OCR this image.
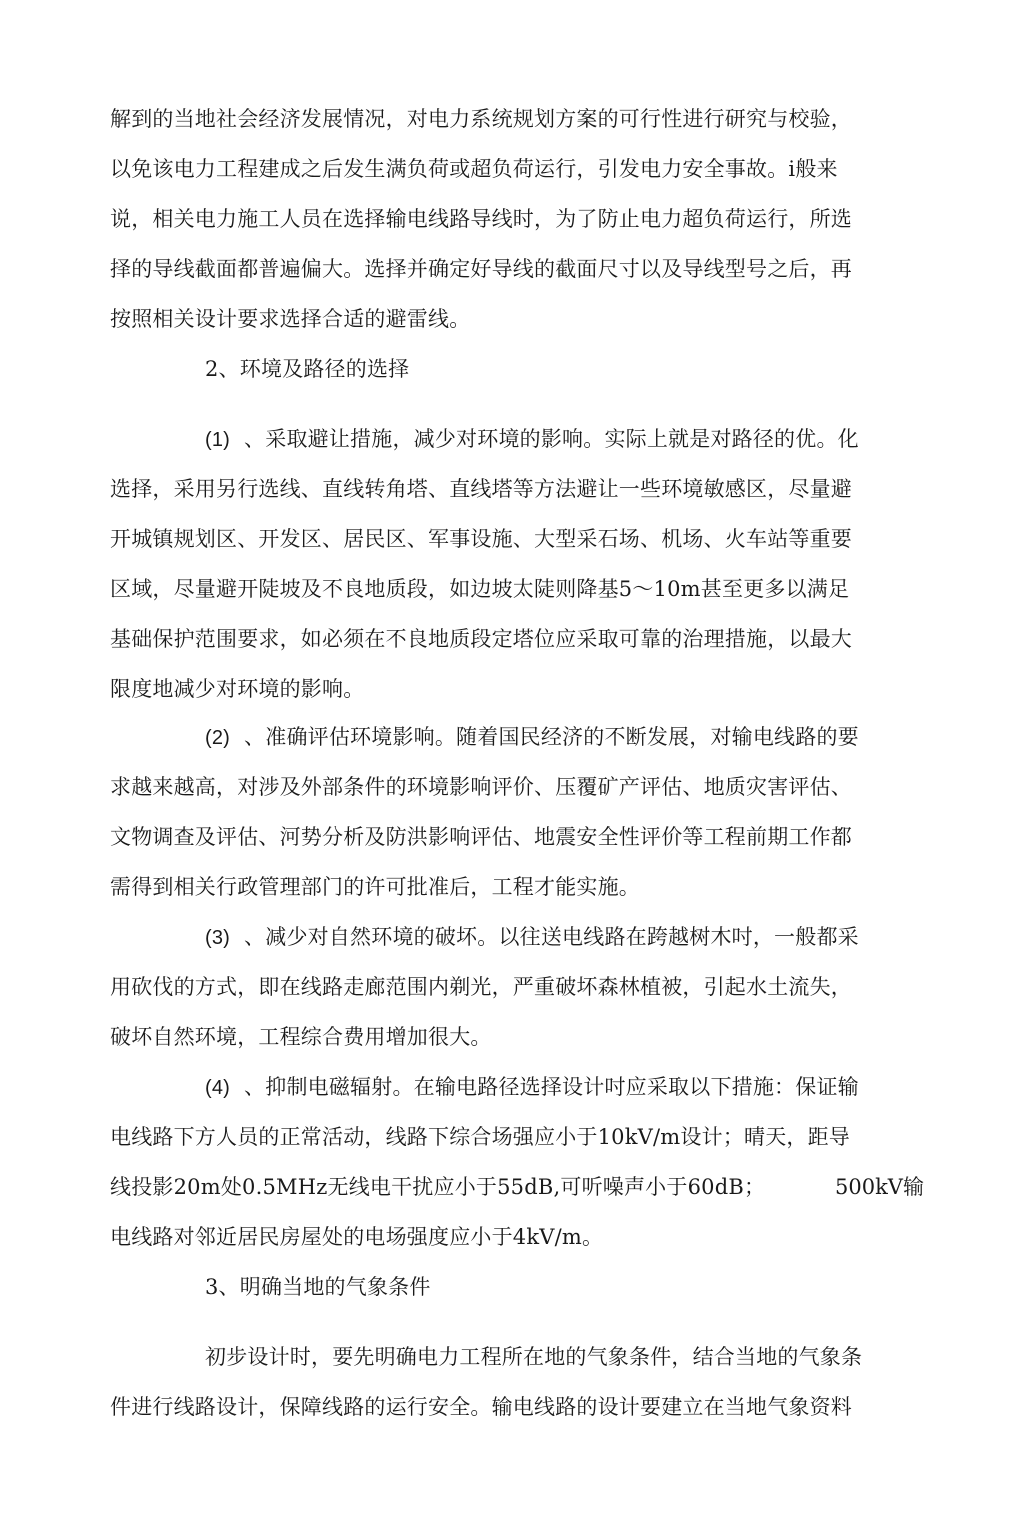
解到的当地社会经济发展情况，对电力系统规划方案的可行性进行研究与校验，
以免该电力工程建成之后发生满负荷或超负荷运行，引发电力安全事故。i般来
说，相关电力施工人员在选择输电线路导线时，为了防止电力超负荷运行，所选
择的导线截面都普遍偏大。选择并确定好导线的截面尺寸以及导线型号之后，再
按照相关设计要求选择合适的避雷线。
2、环境及路径的选择
(1) 、采取避让措施，减少对环境的影响。实际上就是对路径的优。化
选择，采用另行选线、直线转角塔、直线塔等方法避让一些环境敏感区，尽量避
开城镇规划区、开发区、居民区、军事设施、大型采石场、机场、火车站等重要
区域，尽量避开陡坡及不良地质段，如边坡太陡则降基5～10m甚至更多以满足
基础保护范围要求，如必须在不良地质段定塔位应采取可靠的治理措施，以最大
限度地减少对环境的影响。
(2) 、准确评估环境影响。随着国民经济的不断发展，对输电线路的要
求越来越高，对涉及外部条件的环境影响评价、压覆矿产评估、地质灾害评估、
文物调查及评估、河势分析及防洪影响评估、地震安全性评价等工程前期工作都
需得到相关行政管理部门的许可批准后，工程才能实施。
(3) 、减少对自然环境的破坏。以往送电线路在跨越树木吋，一般都采
用砍伐的方式，即在线路走廊范围内剃光，严重破坏森林植被，引起水土流失，
破坏自然环境，工程综合费用增加很大。
(4) 、抑制电磁辐射。在输电路径选择设计吋应采取以下措施：保证输
电线路下方人员的正常活动，线路下综合场强应小于10kV/m设计；晴天，距导
线投影20m处0.5MHz无线电干扰应小于55dB,可听噪声小于60dB；	500kV输
电线路对邻近居民房屋处的电场强度应小于4kV/m。
3、明确当地的气象条件
初步设计时，要先明确电力工程所在地的气象条件，结合当地的气象条
件进行线路设计，保障线路的运行安全。输电线路的设计要建立在当地气象资料
